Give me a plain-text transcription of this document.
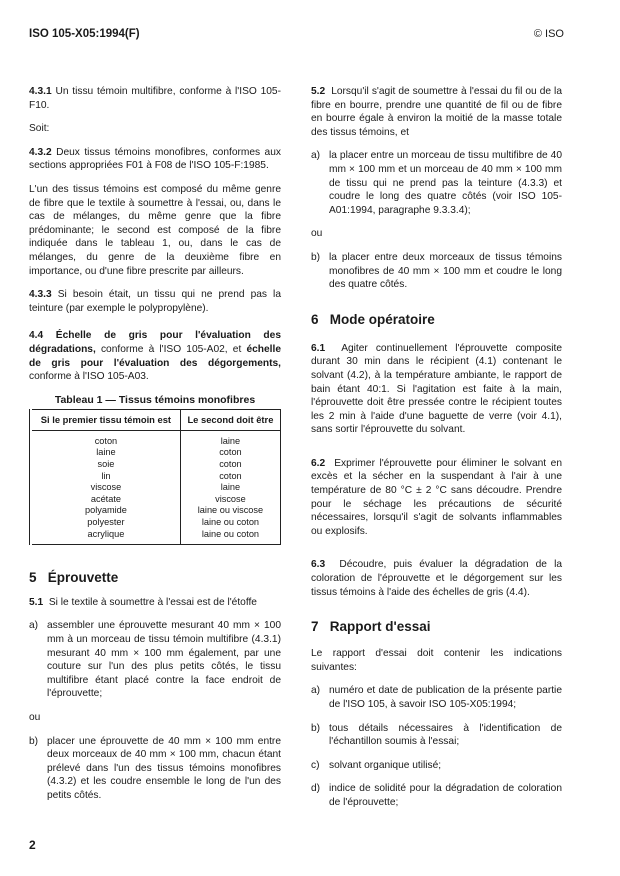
ISO 105-X05:1994(F)	© ISO

4.3.1 Un tissu témoin multifibre, conforme à l'ISO 105-F10.

Soit:

4.3.2 Deux tissus témoins monofibres, conformes aux sections appropriées F01 à F08 de l'ISO 105-F:1985.

L'un des tissus témoins est composé du même genre de fibre que le textile à soumettre à l'essai, ou, dans le cas de mélanges, du même genre que la fibre prédominante; le second est composé de la fibre indiquée dans le tableau 1, ou, dans le cas de mélanges, du genre de la deuxième fibre en importance, ou d'une fibre prescrite par ailleurs.

4.3.3 Si besoin était, un tissu qui ne prend pas la teinture (par exemple le polypropylène).

4.4 Échelle de gris pour l'évaluation des dégradations, conforme à l'ISO 105-A02, et échelle de gris pour l'évaluation des dégorgements, conforme à l'ISO 105-A03.

Tableau 1 — Tissus témoins monofibres
Si le premier tissu témoin est	Le second doit être
coton	laine
laine	coton
soie	coton
lin	coton
viscose	laine
acétate	viscose
polyamide	laine ou viscose
polyester	laine ou coton
acrylique	laine ou coton

5 Éprouvette

5.1 Si le textile à soumettre à l'essai est de l'étoffe

a) assembler une éprouvette mesurant 40 mm × 100 mm à un morceau de tissu témoin multifibre (4.3.1) mesurant 40 mm × 100 mm également, par une couture sur l'un des plus petits côtés, le tissu multifibre étant placé contre la face endroit de l'éprouvette;

ou

b) placer une éprouvette de 40 mm × 100 mm entre deux morceaux de 40 mm × 100 mm, chacun étant prélevé dans l'un des tissus témoins monofibres (4.3.2) et les coudre ensemble le long de l'un des petits côtés.

5.2 Lorsqu'il s'agit de soumettre à l'essai du fil ou de la fibre en bourre, prendre une quantité de fil ou de fibre en bourre égale à environ la moitié de la masse totale des tissus témoins, et

a) la placer entre un morceau de tissu multifibre de 40 mm × 100 mm et un morceau de 40 mm × 100 mm de tissu qui ne prend pas la teinture (4.3.3) et coudre le long des quatre côtés (voir ISO 105-A01:1994, paragraphe 9.3.3.4);

ou

b) la placer entre deux morceaux de tissus témoins monofibres de 40 mm × 100 mm et coudre le long des quatre côtés.

6 Mode opératoire

6.1 Agiter continuellement l'éprouvette composite durant 30 min dans le récipient (4.1) contenant le solvant (4.2), à la température ambiante, le rapport de bain étant 40:1. Si l'agitation est faite à la main, l'éprouvette doit être pressée contre le récipient toutes les 2 min à l'aide d'une baguette de verre (voir 4.1), sans sortir l'éprouvette du solvant.

6.2 Exprimer l'éprouvette pour éliminer le solvant en excès et la sécher en la suspendant à l'air à une température de 80 °C ± 2 °C sans découdre. Prendre pour le séchage les précautions de sécurité nécessaires, lorsqu'il s'agit de solvants inflammables ou explosifs.

6.3 Découdre, puis évaluer la dégradation de la coloration de l'éprouvette et le dégorgement sur les tissus témoins à l'aide des échelles de gris (4.4).

7 Rapport d'essai

Le rapport d'essai doit contenir les indications suivantes:

a) numéro et date de publication de la présente partie de l'ISO 105, à savoir ISO 105-X05:1994;
b) tous détails nécessaires à l'identification de l'échantillon soumis à l'essai;
c) solvant organique utilisé;
d) indice de solidité pour la dégradation de coloration de l'éprouvette;
2
